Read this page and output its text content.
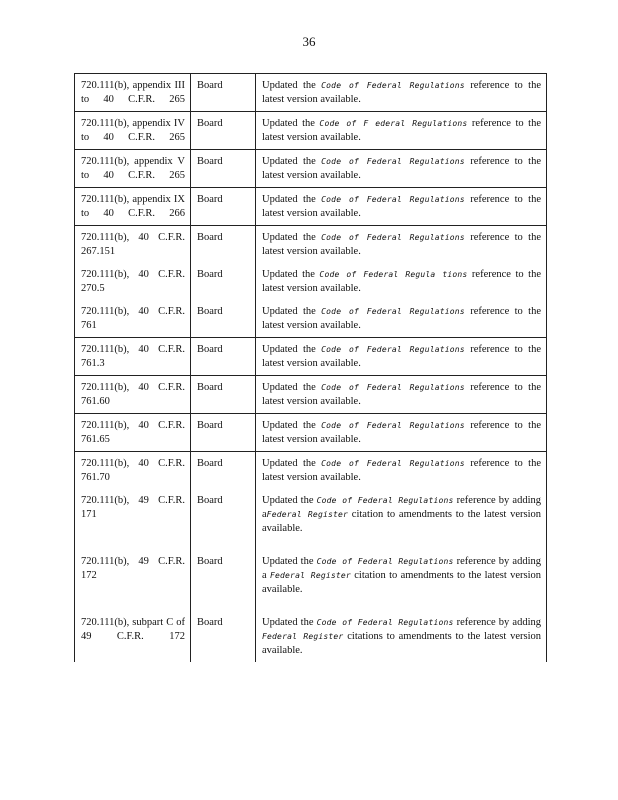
36
720.111(b), appendix III to 40 C.F.R. 265	Board	Updated the Code of Federal Regulations reference to the latest version available.
720.111(b), appendix IV to 40 C.F.R. 265	Board	Updated the Code of F ederal Regulations reference to the latest version available.
720.111(b), appendix V to 40 C.F.R. 265	Board	Updated the Code of Federal Regulations reference to the latest version available.
720.111(b), appendix IX to 40 C.F.R. 266	Board	Updated the Code of Federal Regulations reference to the latest version available.
720.111(b), 40 C.F.R. 267.151	Board	Updated the Code of Federal Regulations reference to the latest version available.
720.111(b), 40 C.F.R. 270.5	Board	Updated the Code of Federal Regula tions reference to the latest version available.
720.111(b), 40 C.F.R. 761	Board	Updated the Code of Federal Regulations reference to the latest version available.
720.111(b), 40 C.F.R. 761.3	Board	Updated the Code of Federal Regulations reference to the latest version available.
720.111(b), 40 C.F.R. 761.60	Board	Updated the Code of Federal Regulations reference to the latest version available.
720.111(b), 40 C.F.R. 761.65	Board	Updated the Code of Federal Regulations reference to the latest version available.
720.111(b), 40 C.F.R. 761.70	Board	Updated the Code of Federal Regulations reference to the latest version available.
720.111(b), 49 C.F.R. 171	Board	Updated the Code of Federal Regulations reference by adding aFederal Register citation to amendments to the latest version available.
720.111(b), 49 C.F.R. 172	Board	Updated the Code of Federal Regulations reference by adding a Federal Register citation to amendments to the latest version available.
720.111(b), subpart C of 49 C.F.R. 172	Board	Updated the Code of Federal Regulations reference by adding Federal Register citations to amendments to the latest version available.
